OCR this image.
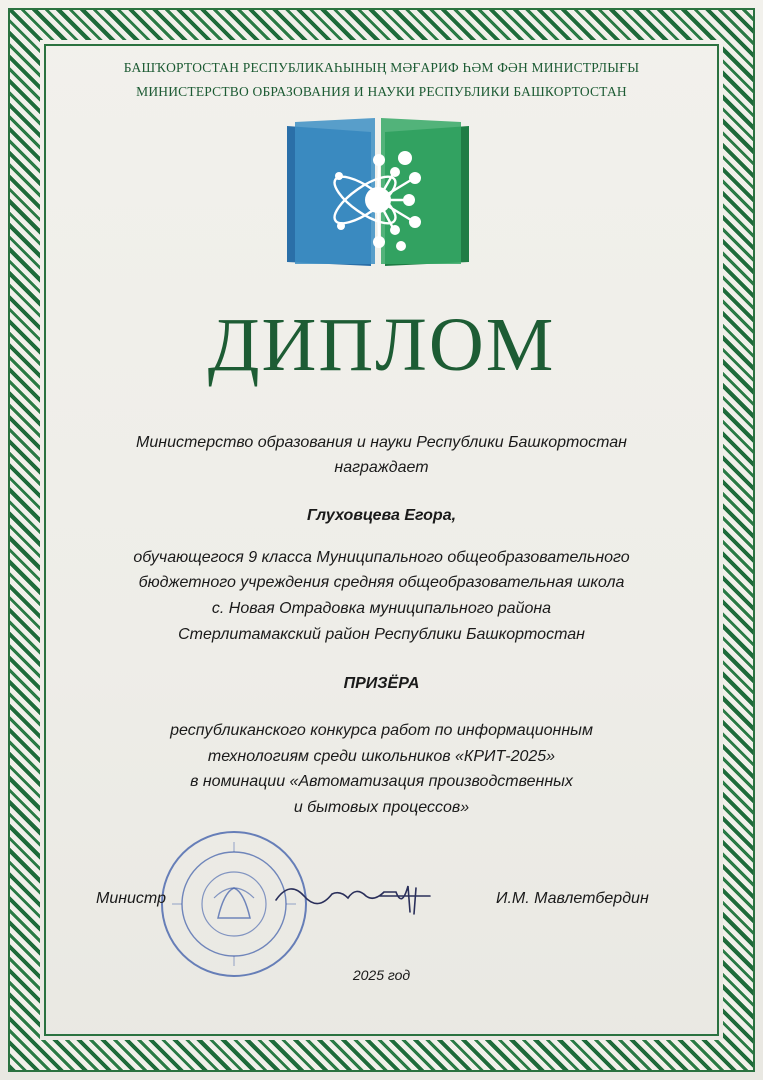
БАШҠОРТОСТАН РЕСПУБЛИКАҺЫНЫҢ МӘҒАРИФ ҺӘМ ФӘН МИНИСТРЛЫҒЫ
МИНИСТЕРСТВО ОБРАЗОВАНИЯ И НАУКИ РЕСПУБЛИКИ БАШКОРТОСТАН
ДИПЛОМ
Министерство образования и науки Республики Башкортостан
награждает
Глуховцева Егора,
обучающегося 9 класса Муниципального общеобразовательного
бюджетного учреждения средняя общеобразовательная школа
с. Новая Отрадовка муниципального района
Стерлитамакский район Республики Башкортостан
ПРИЗЁРА
республиканского конкурса работ по информационным
технологиям среди школьников «КРИТ-2025»
в номинации «Автоматизация производственных
и бытовых процессов»
Министр	И.М. Мавлетбердин
2025 год
